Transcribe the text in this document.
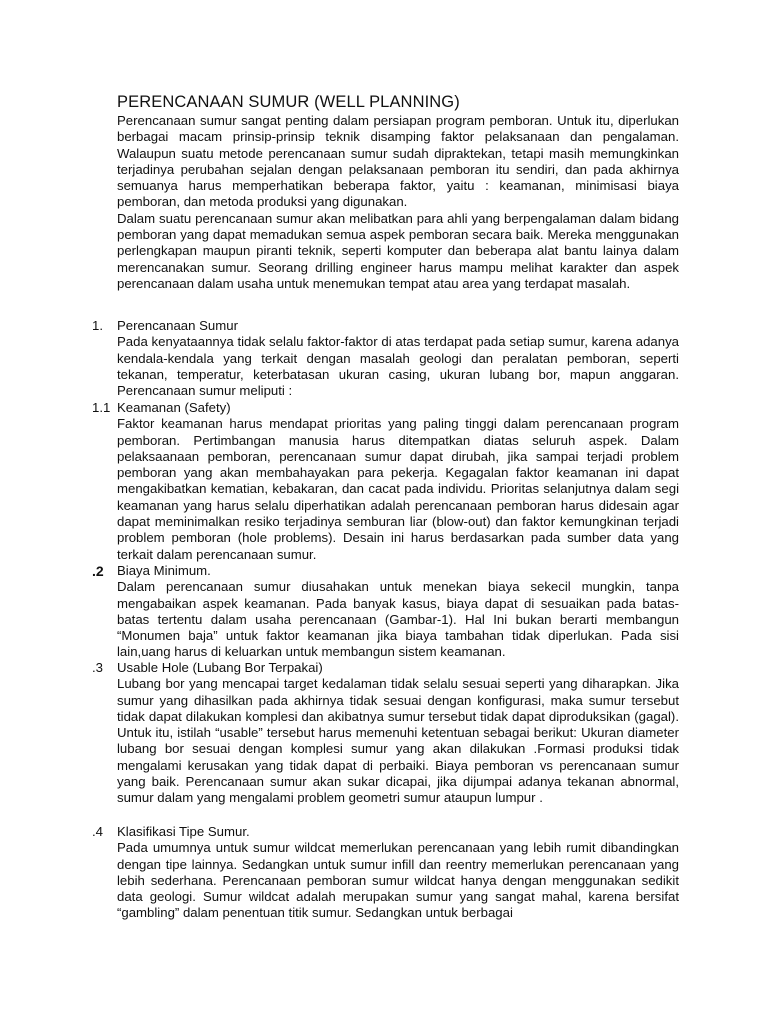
PERENCANAAN SUMUR (WELL PLANNING)

Perencanaan sumur sangat penting dalam persiapan program pemboran. Untuk itu, diperlukan berbagai macam prinsip-prinsip teknik disamping faktor pelaksanaan dan pengalaman. Walaupun suatu metode perencanaan sumur sudah dipraktekan, tetapi masih memungkinkan terjadinya perubahan sejalan dengan pelaksanaan pemboran itu sendiri, dan pada akhirnya semuanya harus memperhatikan beberapa faktor, yaitu : keamanan, minimisasi biaya pemboran, dan metoda produksi yang digunakan.

Dalam suatu perencanaan sumur akan melibatkan para ahli yang berpengalaman dalam bidang pemboran yang dapat memadukan semua aspek pemboran secara baik. Mereka menggunakan perlengkapan maupun piranti teknik, seperti komputer dan beberapa alat bantu lainya dalam merencanakan sumur. Seorang drilling engineer harus mampu melihat karakter dan aspek perencanaan dalam usaha untuk menemukan tempat atau area yang terdapat masalah.

1.	Perencanaan Sumur

Pada kenyataannya tidak selalu faktor-faktor di atas terdapat pada setiap sumur, karena adanya kendala-kendala yang terkait dengan masalah geologi dan peralatan pemboran, seperti tekanan, temperatur, keterbatasan ukuran casing, ukuran lubang bor, mapun anggaran. Perencanaan sumur meliputi :

1.1 Keamanan (Safety)

Faktor keamanan harus mendapat prioritas yang paling tinggi dalam perencanaan program pemboran. Pertimbangan manusia harus ditempatkan diatas seluruh aspek. Dalam pelaksaanaan pemboran, perencanaan sumur dapat dirubah, jika sampai terjadi problem pemboran yang akan membahayakan para pekerja. Kegagalan faktor keamanan ini dapat mengakibatkan kematian, kebakaran, dan cacat pada individu. Prioritas selanjutnya dalam segi keamanan yang harus selalu diperhatikan adalah perencanaan pemboran harus didesain agar dapat meminimalkan resiko terjadinya semburan liar (blow-out) dan faktor kemungkinan terjadi problem pemboran (hole problems). Desain ini harus berdasarkan pada sumber data yang terkait dalam perencanaan sumur.

.2	Biaya Minimum.

Dalam perencanaan sumur diusahakan untuk menekan biaya sekecil mungkin, tanpa mengabaikan aspek keamanan. Pada banyak kasus, biaya dapat di sesuaikan pada batas-batas tertentu dalam usaha perencanaan (Gambar-1). Hal Ini bukan berarti membangun “Monumen baja” untuk faktor keamanan jika biaya tambahan tidak diperlukan. Pada sisi lain,uang harus di keluarkan untuk membangun sistem keamanan.

.3	Usable Hole (Lubang Bor Terpakai)

Lubang bor yang mencapai target kedalaman tidak selalu sesuai seperti yang diharapkan. Jika sumur yang dihasilkan pada akhirnya tidak sesuai dengan konfigurasi, maka sumur tersebut tidak dapat dilakukan komplesi dan akibatnya sumur tersebut tidak dapat diproduksikan (gagal). Untuk itu, istilah “usable” tersebut harus memenuhi ketentuan sebagai berikut: Ukuran diameter lubang bor sesuai dengan komplesi sumur yang akan dilakukan .Formasi produksi tidak mengalami kerusakan yang tidak dapat di perbaiki. Biaya pemboran vs perencanaan sumur yang baik. Perencanaan sumur akan sukar dicapai, jika dijumpai adanya tekanan abnormal, sumur dalam yang mengalami problem geometri sumur ataupun lumpur .

.4	Klasifikasi Tipe Sumur.

Pada umumnya untuk sumur wildcat memerlukan perencanaan yang lebih rumit dibandingkan dengan tipe lainnya. Sedangkan untuk sumur infill dan reentry memerlukan perencanaan yang lebih sederhana. Perencanaan pemboran sumur wildcat hanya dengan menggunakan sedikit data geologi. Sumur wildcat adalah merupakan sumur yang sangat mahal, karena bersifat “gambling” dalam penentuan titik sumur. Sedangkan untuk berbagai
